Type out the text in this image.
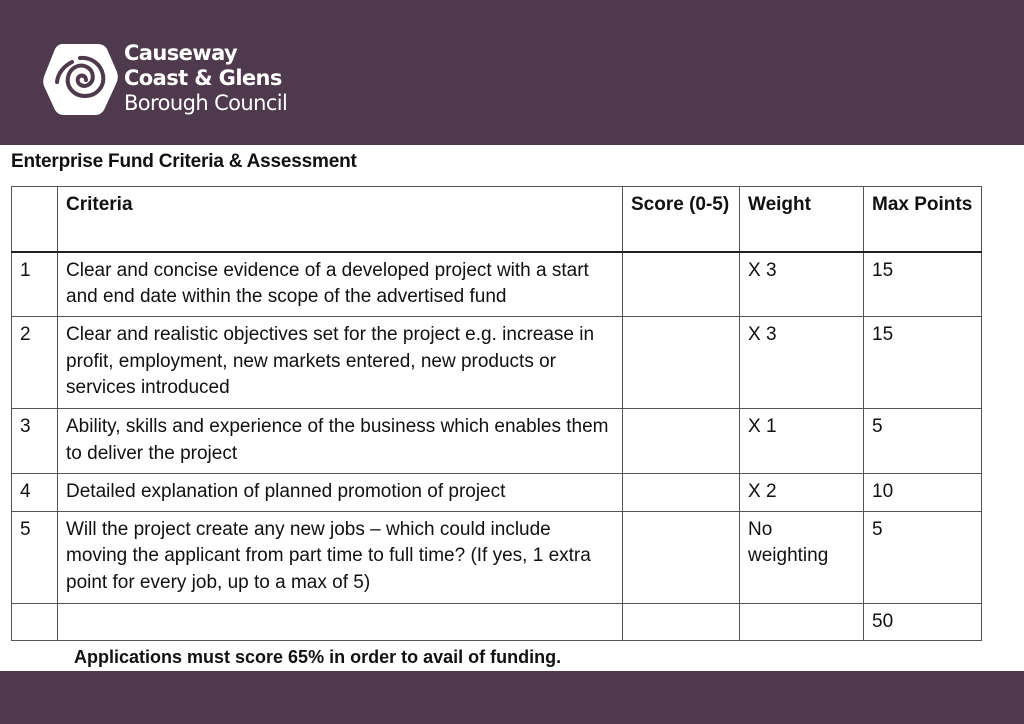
Causeway
Coast & Glens
Borough Council
Enterprise Fund Criteria & Assessment
	Criteria	Score (0-5)	Weight	Max Points
1	Clear and concise evidence of a developed project with a start and end date within the scope of the advertised fund		X 3	15
2	Clear and realistic objectives set for the project e.g. increase in profit, employment, new markets entered, new products or services introduced		X 3	15
3	Ability, skills and experience of the business which enables them to deliver the project		X 1	5
4	Detailed explanation of planned promotion of project		X 2	10
5	Will the project create any new jobs – which could include moving the applicant from part time to full time? (If yes, 1 extra point for every job, up to a max of 5)		No weighting	5
				50
Applications must score 65% in order to avail of funding.
